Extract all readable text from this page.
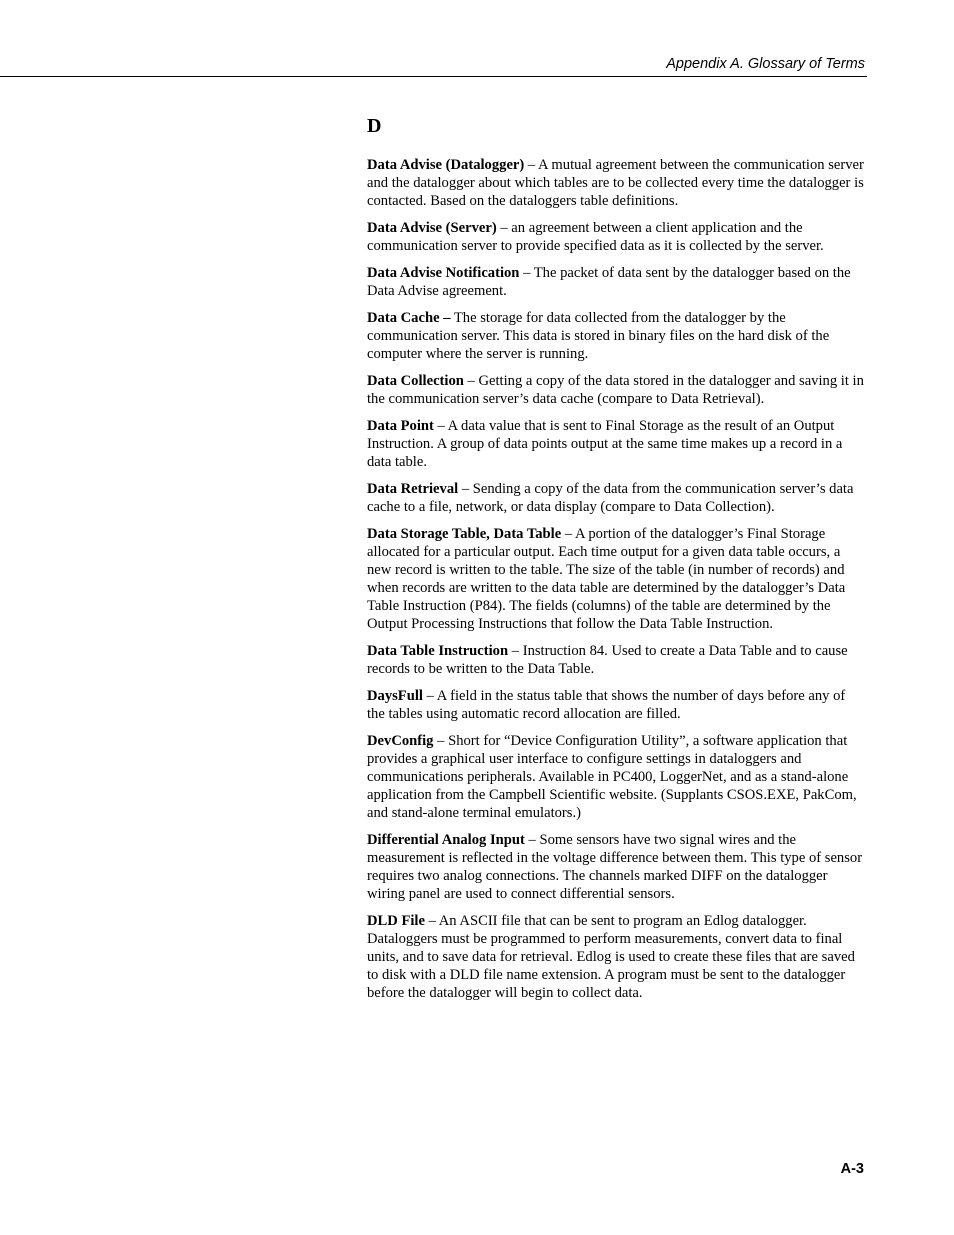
Appendix A. Glossary of Terms
D

Data Advise (Datalogger) – A mutual agreement between the communication server and the datalogger about which tables are to be collected every time the datalogger is contacted. Based on the dataloggers table definitions.

Data Advise (Server) – an agreement between a client application and the communication server to provide specified data as it is collected by the server.

Data Advise Notification – The packet of data sent by the datalogger based on the Data Advise agreement.

Data Cache – The storage for data collected from the datalogger by the communication server. This data is stored in binary files on the hard disk of the computer where the server is running.

Data Collection – Getting a copy of the data stored in the datalogger and saving it in the communication server’s data cache (compare to Data Retrieval).

Data Point – A data value that is sent to Final Storage as the result of an Output Instruction. A group of data points output at the same time makes up a record in a data table.

Data Retrieval – Sending a copy of the data from the communication server’s data cache to a file, network, or data display (compare to Data Collection).

Data Storage Table, Data Table – A portion of the datalogger’s Final Storage allocated for a particular output. Each time output for a given data table occurs, a new record is written to the table. The size of the table (in number of records) and when records are written to the data table are determined by the datalogger’s Data Table Instruction (P84). The fields (columns) of the table are determined by the Output Processing Instructions that follow the Data Table Instruction.

Data Table Instruction – Instruction 84. Used to create a Data Table and to cause records to be written to the Data Table.

DaysFull – A field in the status table that shows the number of days before any of the tables using automatic record allocation are filled.

DevConfig – Short for “Device Configuration Utility”, a software application that provides a graphical user interface to configure settings in dataloggers and communications peripherals. Available in PC400, LoggerNet, and as a stand-alone application from the Campbell Scientific website. (Supplants CSOS.EXE, PakCom, and stand-alone terminal emulators.)

Differential Analog Input – Some sensors have two signal wires and the measurement is reflected in the voltage difference between them. This type of sensor requires two analog connections. The channels marked DIFF on the datalogger wiring panel are used to connect differential sensors.

DLD File – An ASCII file that can be sent to program an Edlog datalogger. Dataloggers must be programmed to perform measurements, convert data to final units, and to save data for retrieval. Edlog is used to create these files that are saved to disk with a DLD file name extension. A program must be sent to the datalogger before the datalogger will begin to collect data.

A-3
